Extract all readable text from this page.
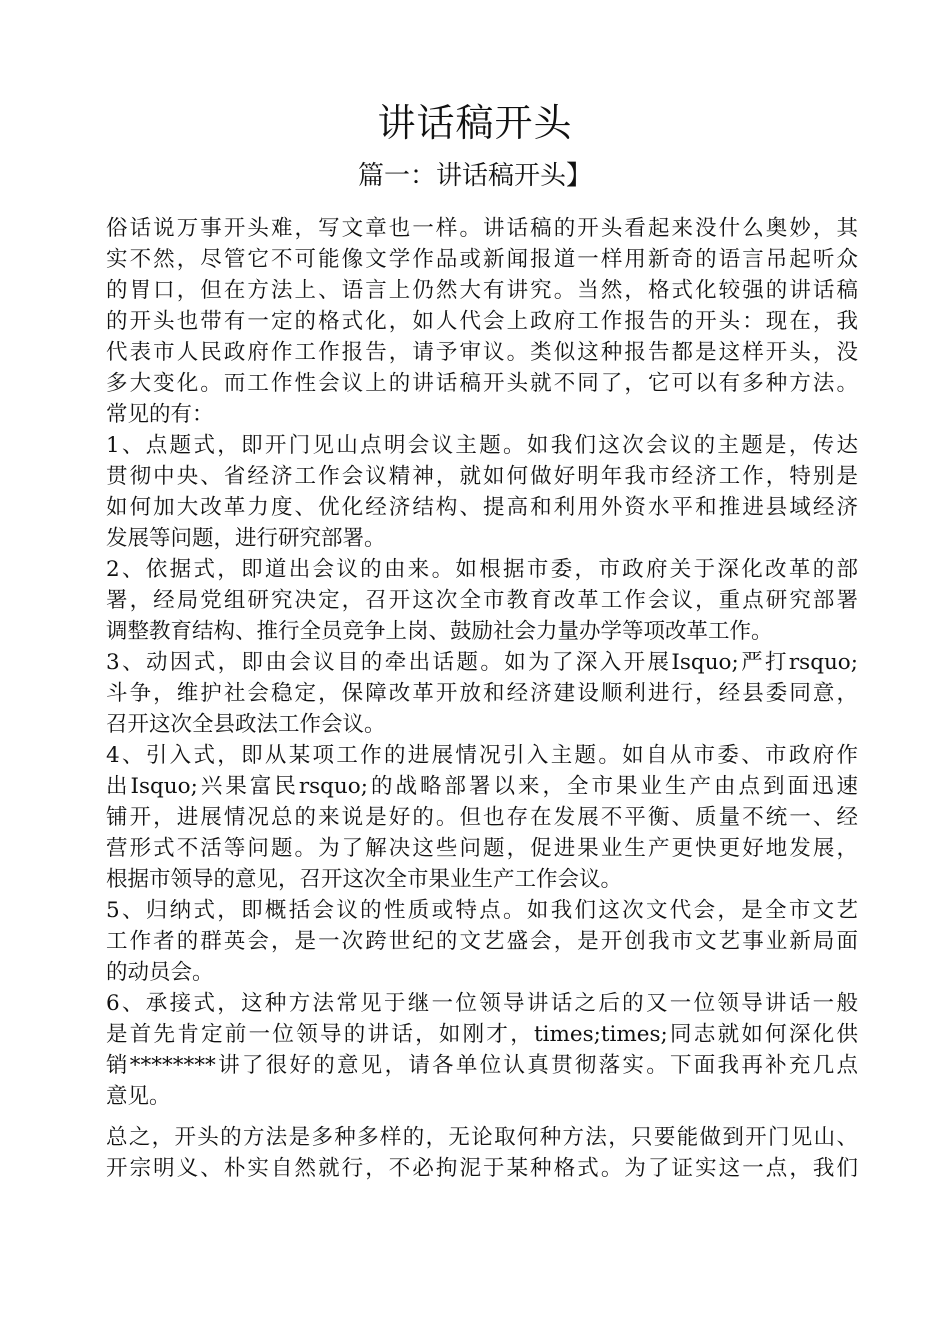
讲话稿开头
篇一：讲话稿开头】
俗话说万事开头难，写文章也一样。讲话稿的开头看起来没什么奥妙，其
实不然，尽管它不可能像文学作品或新闻报道一样用新奇的语言吊起听众
的胃口，但在方法上、语言上仍然大有讲究。当然，格式化较强的讲话稿
的开头也带有一定的格式化，如人代会上政府工作报告的开头：现在，我
代表市人民政府作工作报告，请予审议。类似这种报告都是这样开头，没
多大变化。而工作性会议上的讲话稿开头就不同了，它可以有多种方法。
常见的有：
1、点题式，即开门见山点明会议主题。如我们这次会议的主题是，传达
贯彻中央、省经济工作会议精神，就如何做好明年我市经济工作，特别是
如何加大改革力度、优化经济结构、提高和利用外资水平和推进县域经济
发展等问题，进行研究部署。
2、依据式，即道出会议的由来。如根据市委，市政府关于深化改革的部
署，经局党组研究决定，召开这次全市教育改革工作会议，重点研究部署
调整教育结构、推行全员竞争上岗、鼓励社会力量办学等项改革工作。
3、动因式，即由会议目的牵出话题。如为了深入开展Isquo;严打rsquo;
斗争，维护社会稳定，保障改革开放和经济建设顺利进行，经县委同意，
召开这次全县政法工作会议。
4、引入式，即从某项工作的进展情况引入主题。如自从市委、市政府作
出Isquo;兴果富民rsquo;的战略部署以来，全市果业生产由点到面迅速
铺开，进展情况总的来说是好的。但也存在发展不平衡、质量不统一、经
营形式不活等问题。为了解决这些问题，促进果业生产更快更好地发展，
根据市领导的意见，召开这次全市果业生产工作会议。
5、归纳式，即概括会议的性质或特点。如我们这次文代会，是全市文艺
工作者的群英会，是一次跨世纪的文艺盛会，是开创我市文艺事业新局面
的动员会。
6、承接式，这种方法常见于继一位领导讲话之后的又一位领导讲话一般
是首先肯定前一位领导的讲话，如刚才，times;times;同志就如何深化供
销********讲了很好的意见，请各单位认真贯彻落实。下面我再补充几点
意见。
总之，开头的方法是多种多样的，无论取何种方法，只要能做到开门见山、
开宗明义、朴实自然就行，不必拘泥于某种格式。为了证实这一点，我们
